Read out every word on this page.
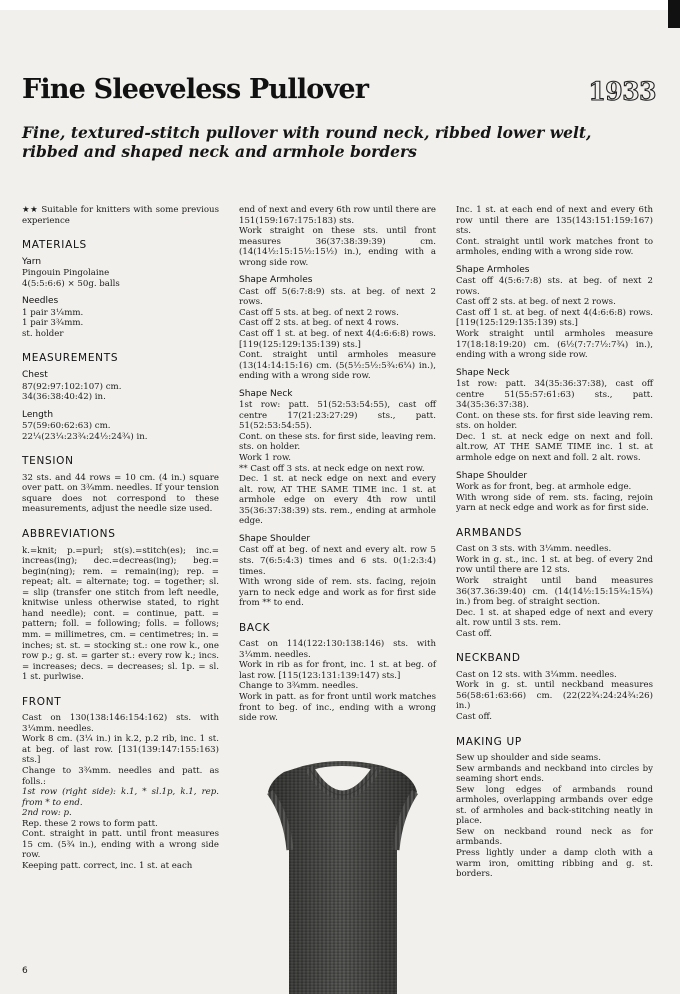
Fine Sleeveless Pullover	1933
Fine, textured-stitch pullover with round neck, ribbed lower welt, ribbed and shaped neck and armhole borders

★★ Suitable for knitters with some previous experience

MATERIALS
Yarn

Pingouin Pingolaine

4(5:5:6:6) × 50g. balls

Needles

1 pair 3¼mm.

1 pair 3¾mm.

st. holder

MEASUREMENTS
Chest

87(92:97:102:107) cm.

34(36:38:40:42) in.

Length

57(59:60:62:63) cm.

22¼(23¼:23¾:24½:24¾) in.

TENSION

32 sts. and 44 rows = 10 cm. (4 in.) square over patt. on 3¾mm. needles. If your tension square does not correspond to these measurements, adjust the needle size used.

ABBREVIATIONS

k.=knit; p.=purl; st(s).=stitch(es); inc.= increas(ing); dec.=decreas(ing); beg.= begin(ning); rem. = remain(ing); rep. = repeat; alt. = alternate; tog. = together; sl. = slip (transfer one stitch from left needle, knitwise unless otherwise stated, to right hand needle); cont. = continue, patt. = pattern; foll. = following; folls. = follows; mm. = millimetres, cm. = centimetres; in. = inches; st. st. = stocking st.: one row k., one row p.; g. st. = garter st.: every row k.; incs. = increases; decs. = decreases; sl. 1p. = sl. 1 st. purlwise.

FRONT

Cast on 130(138:146:154:162) sts. with 3¼mm. needles.

Work 8 cm. (3¼ in.) in k.2, p.2 rib, inc. 1 st. at beg. of last row. [131(139:147:155:163) sts.]

Change to 3¾mm. needles and patt. as folls.:

1st row (right side): k.1, * sl.1p, k.1, rep. from * to end.

2nd row: p.

Rep. these 2 rows to form patt.

Cont. straight in patt. until front measures 15 cm. (5¾ in.), ending with a wrong side row.

Keeping patt. correct, inc. 1 st. at each

end of next and every 6th row until there are 151(159:167:175:183) sts.

Work straight on these sts. until front measures 36(37:38:39:39) cm. (14(14½:15:15½:15½) in.), ending with a wrong side row.

Shape Armholes

Cast off 5(6:7:8:9) sts. at beg. of next 2 rows.

Cast off 5 sts. at beg. of next 2 rows.

Cast off 2 sts. at beg. of next 4 rows.

Cast off 1 st. at beg. of next 4(4:6:6:8) rows. [119(125:129:135:139) sts.]

Cont. straight until armholes measure (13(14:14:15:16) cm. (5(5½:5½:5¾:6¼) in.), ending with a wrong side row.

Shape Neck

1st row: patt. 51(52:53:54:55), cast off centre 17(21:23:27:29) sts., patt. 51(52:53:54:55).

Cont. on these sts. for first side, leaving rem. sts. on holder.

Work 1 row.

** Cast off 3 sts. at neck edge on next row.

Dec. 1 st. at neck edge on next and every alt. row, AT THE SAME TIME inc. 1 st. at armhole edge on every 4th row until 35(36:37:38:39) sts. rem., ending at armhole edge.

Shape Shoulder

Cast off at beg. of next and every alt. row 5 sts. 7(6:5:4:3) times and 6 sts. 0(1:2:3:4) times.

With wrong side of rem. sts. facing, rejoin yarn to neck edge and work as for first side from ** to end.

BACK

Cast on 114(122:130:138:146) sts. with 3¼mm. needles.

Work in rib as for front, inc. 1 st. at beg. of last row. [115(123:131:139:147) sts.]

Change to 3¾mm. needles.

Work in patt. as for front until work matches front to beg. of inc., ending with a wrong side row.

Inc. 1 st. at each end of next and every 6th row until there are 135(143:151:159:167) sts.

Cont. straight until work matches front to armholes, ending with a wrong side row.

Shape Armholes

Cast off 4(5:6:7:8) sts. at beg. of next 2 rows.

Cast off 2 sts. at beg. of next 2 rows.

Cast off 1 st. at beg. of next 4(4:6:6:8) rows. [119(125:129:135:139) sts.]

Work straight until armholes measure 17(18:18:19:20) cm. (6½(7:7:7½:7¾) in.), ending with a wrong side row.

Shape Neck

1st row: patt. 34(35:36:37:38), cast off centre 51(55:57:61:63) sts., patt. 34(35:36:37:38).

Cont. on these sts. for first side leaving rem. sts. on holder.

Dec. 1 st. at neck edge on next and foll. alt.row, AT THE SAME TIME inc. 1 st. at armhole edge on next and foll. 2 alt. rows.

Shape Shoulder

Work as for front, beg. at armhole edge.

With wrong side of rem. sts. facing, rejoin yarn at neck edge and work as for first side.

ARMBANDS

Cast on 3 sts. with 3¼mm. needles.

Work in g. st., inc. 1 st. at beg. of every 2nd row until there are 12 sts.

Work straight until band measures 36(37.36:39:40) cm. (14(14½:15:15¾:15¾) in.) from beg. of straight section.

Dec. 1 st. at shaped edge of next and every alt. row until 3 sts. rem.

Cast off.

NECKBAND

Cast on 12 sts. with 3¼mm. needles.

Work in g. st. until neckband measures 56(58:61:63:66) cm. (22(22¾:24:24¾:26) in.)

Cast off.

MAKING UP

Sew up shoulder and side seams.

Sew armbands and neckband into circles by seaming short ends.

Sew long edges of armbands round armholes, overlapping armbands over edge st. of armholes and back-stitching neatly in place.

Sew on neckband round neck as for armbands.

Press lightly under a damp cloth with a warm iron, omitting ribbing and g. st. borders.

6
